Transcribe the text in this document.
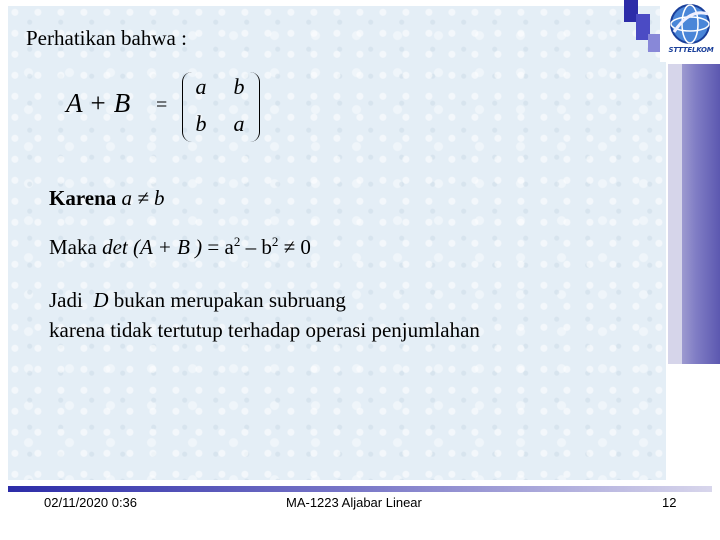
STTTELKOM
Perhatikan bahwa :
A + B =
a b
b a
Karena a ≠ b
Maka det (A + B ) = $a^2 - b^2 \ne 0$
Jadi D bukan merupakan subruang
karena tidak tertutup terhadap operasi penjumlahan
02/11/2020 0:36	MA-1223 Aljabar Linear	12
